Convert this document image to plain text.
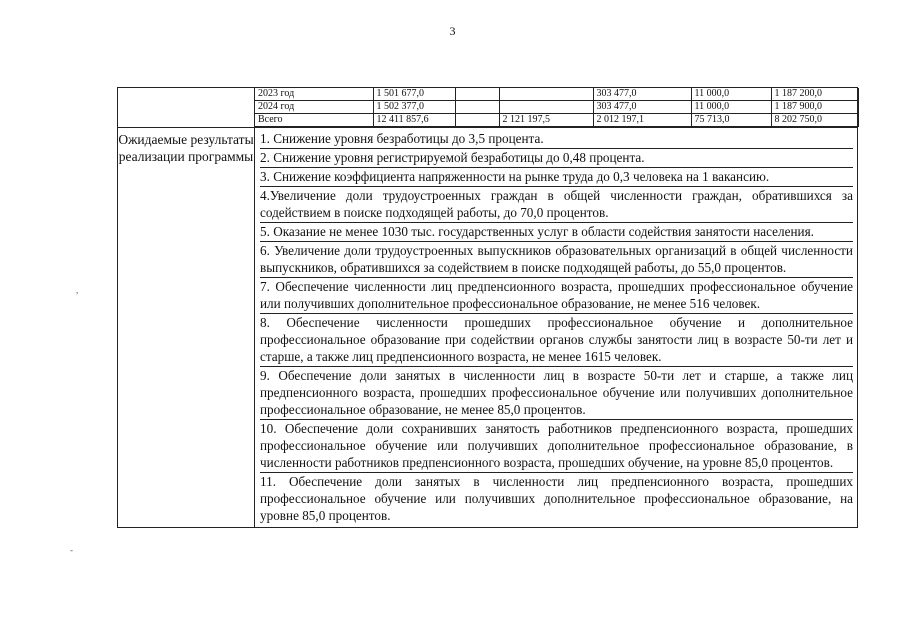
3

2023 год	1 501 677,0			303 477,0	11 000,0	1 187 200,0
2024 год	1 502 377,0			303 477,0	11 000,0	1 187 900,0
Всего	12 411 857,6		2 121 197,5	2 012 197,1	75 713,0	8 202 750,0

Ожидаемые результаты реализации программы	
1. Снижение уровня безработицы до 3,5 процента.
2. Снижение уровня регистрируемой безработицы до 0,48 процента.
3. Снижение коэффициента напряженности на рынке труда до 0,3 человека на 1 вакансию.
4.Увеличение доли трудоустроенных граждан в общей численности граждан, обратившихся за содействием в поиске подходящей работы, до 70,0 процентов.
5. Оказание не менее 1030 тыс. государственных услуг в области содействия занятости населения.
6. Увеличение доли трудоустроенных выпускников образовательных организаций в общей численности выпускников, обратившихся за содействием в поиске подходящей работы, до 55,0 процентов.
7. Обеспечение численности лиц предпенсионного возраста, прошедших профессиональное обучение или получивших дополнительное профессиональное образование, не менее 516 человек.
8. Обеспечение численности прошедших профессиональное обучение и дополнительное профессиональное образование при содействии органов службы занятости лиц в возрасте 50-ти лет и старше, а также лиц предпенсионного возраста, не менее 1615 человек.
9. Обеспечение доли занятых в численности лиц в возрасте 50-ти лет и старше, а также лиц предпенсионного возраста, прошедших профессиональное обучение или получивших дополнительное профессиональное образование, не менее 85,0 процентов.
10. Обеспечение доли сохранивших занятость работников предпенсионного возраста, прошедших профессиональное обучение или получивших дополнительное профессиональное образование, в численности работников предпенсионного возраста, прошедших обучение, на уровне 85,0 процентов.
11. Обеспечение доли занятых в численности лиц предпенсионного возраста, прошедших профессиональное обучение или получивших дополнительное профессиональное образование, на уровне 85,0 процентов.
,
-
